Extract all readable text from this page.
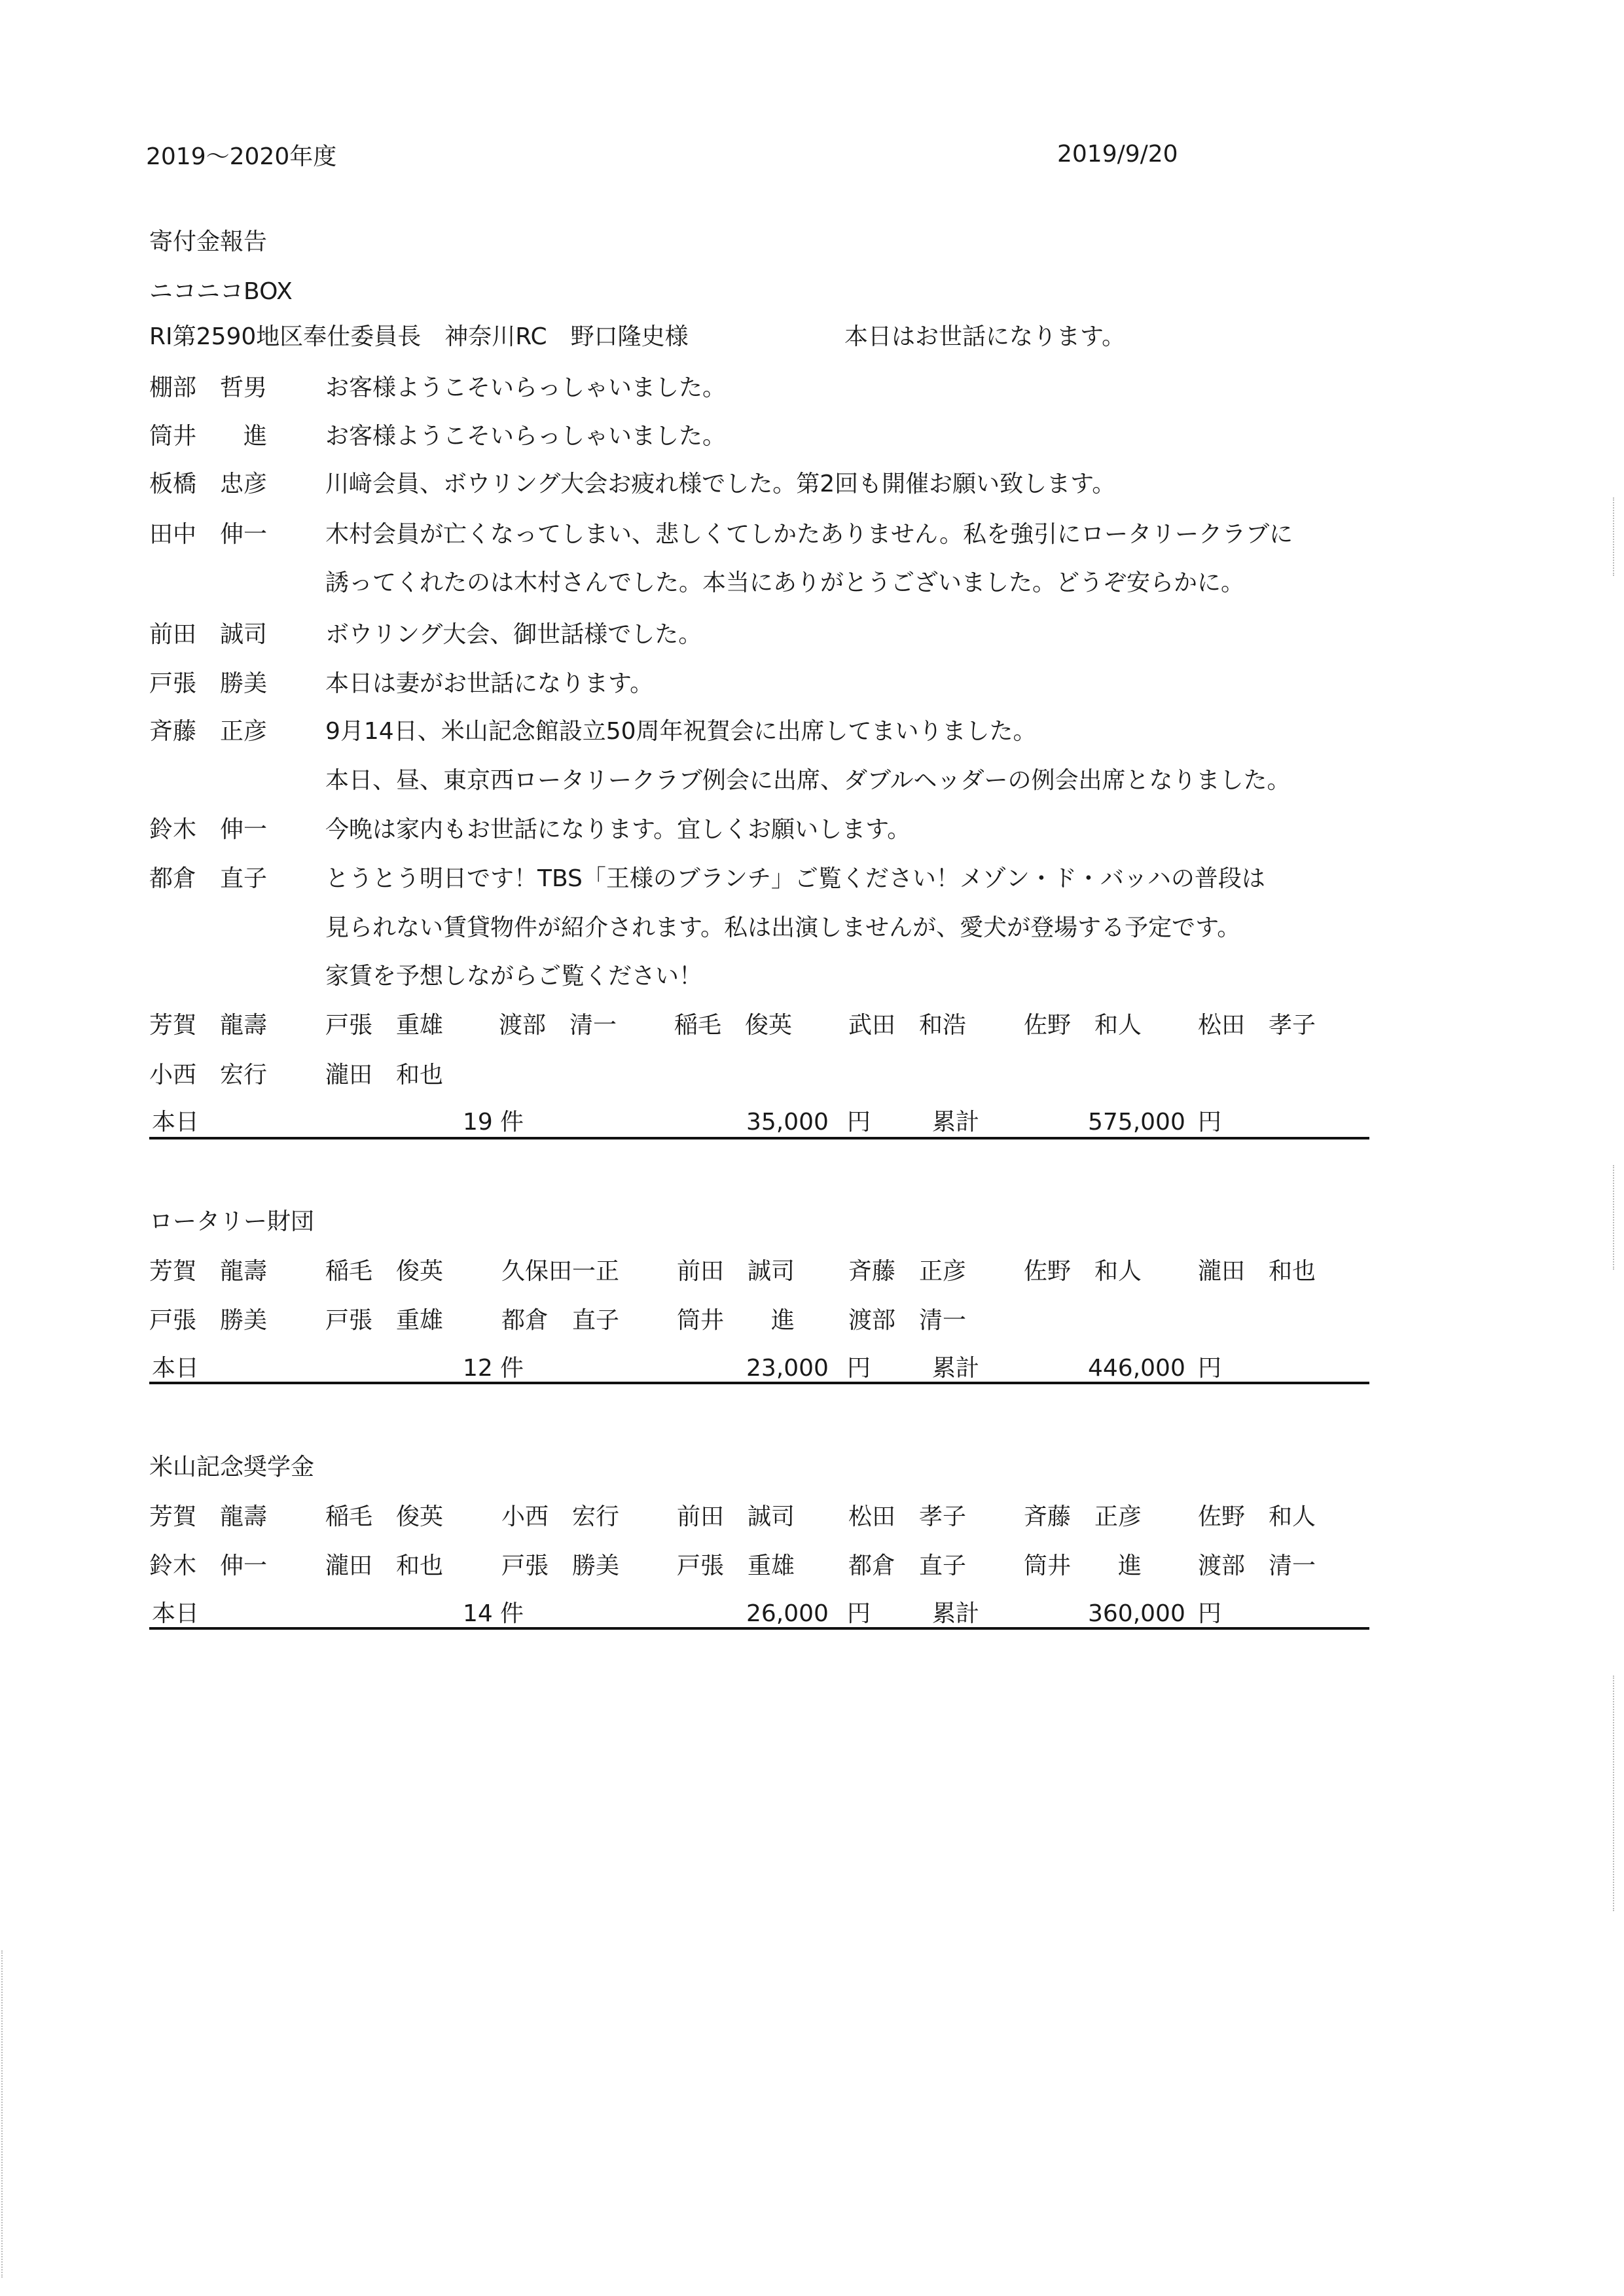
2019～2020年度	2019/9/20
寄付金報告
ニコニコBOX
RI第2590地区奉仕委員長　神奈川RC　野口隆史様	本日はお世話になります。
棚部　哲男 お客様ようこそいらっしゃいました。
筒井　　進 お客様ようこそいらっしゃいました。
板橋　忠彦 川﨑会員、ボウリング大会お疲れ様でした。第2回も開催お願い致します。
田中　伸一 木村会員が亡くなってしまい、悲しくてしかたありません。私を強引にロータリークラブに
誘ってくれたのは木村さんでした。本当にありがとうございました。どうぞ安らかに。
前田　誠司 ボウリング大会、御世話様でした。
戸張　勝美 本日は妻がお世話になります。
斉藤　正彦 9月14日、米山記念館設立50周年祝賀会に出席してまいりました。
本日、昼、東京西ロータリークラブ例会に出席、ダブルヘッダーの例会出席となりました。
鈴木　伸一 今晩は家内もお世話になります。宜しくお願いします。
都倉　直子 とうとう明日です！TBS「王様のブランチ」ご覧ください！メゾン・ド・バッハの普段は
見られない賃貸物件が紹介されます。私は出演しませんが、愛犬が登場する予定です。
家賃を予想しながらご覧ください！
芳賀　龍壽 戸張　重雄 渡部　清一 稲毛　俊英 武田　和浩 佐野　和人 松田　孝子
小西　宏行 瀧田　和也
本日	19 件	35,000 円	累計	575,000 円
ロータリー財団
芳賀　龍壽 稲毛　俊英 久保田一正 前田　誠司 斉藤　正彦 佐野　和人 瀧田　和也
戸張　勝美 戸張　重雄 都倉　直子 筒井　　進 渡部　清一
本日	12 件	23,000 円	累計	446,000 円
米山記念奨学金
芳賀　龍壽 稲毛　俊英 小西　宏行 前田　誠司 松田　孝子 斉藤　正彦 佐野　和人
鈴木　伸一 瀧田　和也 戸張　勝美 戸張　重雄 都倉　直子 筒井　　進 渡部　清一
本日	14 件	26,000 円	累計	360,000 円
